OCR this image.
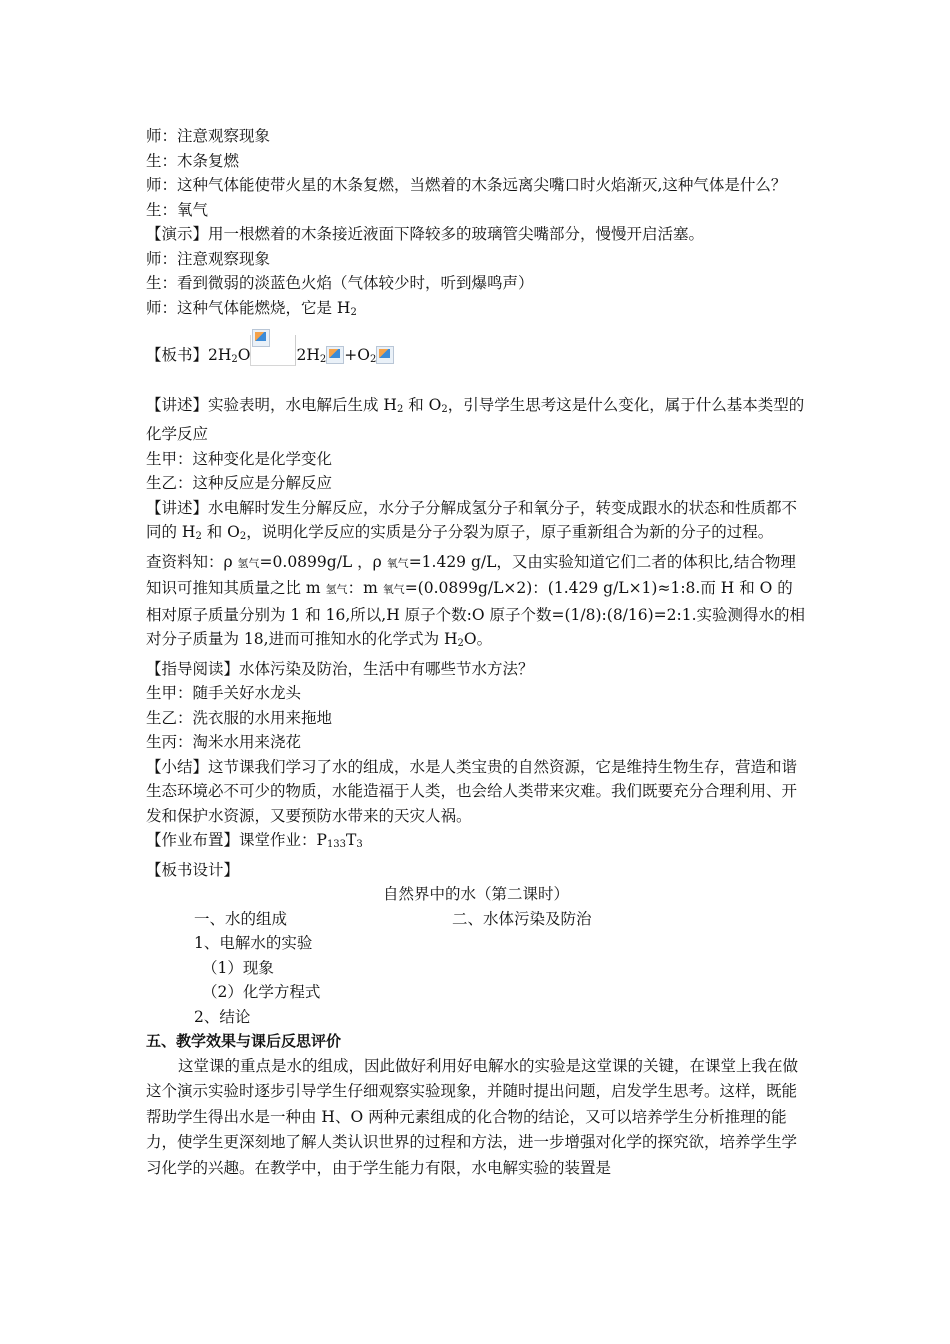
师：注意观察现象
生：木条复燃
师：这种气体能使带火星的木条复燃，当燃着的木条远离尖嘴口时火焰渐灭,这种气体是什么？
生：氧气
【演示】用一根燃着的木条接近液面下降较多的玻璃管尖嘴部分，慢慢开启活塞。
师：注意观察现象
生：看到微弱的淡蓝色火焰（气体较少时，听到爆鸣声）
师：这种气体能燃烧，它是 $H_2$
【板书】$2H_2O$	$2H_2 +O_2$
【讲述】实验表明，水电解后生成 $H_2$ 和 $O_2$，引导学生思考这是什么变化，属于什么基本类型的化学反应
生甲：这种变化是化学变化
生乙：这种反应是分解反应
【讲述】水电解时发生分解反应，水分子分解成氢分子和氧分子，转变成跟水的状态和性质都不同的 $H_2$ 和 $O_2$，说明化学反应的实质是分子分裂为原子，原子重新组合为新的分子的过程。
查资料知：ρ 氢气=0.0899g/L ，ρ 氧气=1.429 g/L，又由实验知道它们二者的体积比,结合物理知识可推知其质量之比 m 氢气：m 氧气=(0.0899g/L×2)：(1.429 g/L×1)≈1:8.而 H 和 O 的相对原子质量分别为 1 和 16,所以,H 原子个数:O 原子个数=(1/8):(8/16)=2:1.实验测得水的相对分子质量为 18,进而可推知水的化学式为 $H_2O$。
【指导阅读】水体污染及防治，生活中有哪些节水方法？
生甲：随手关好水龙头
生乙：洗衣服的水用来拖地
生丙：淘米水用来浇花
【小结】这节课我们学习了水的组成，水是人类宝贵的自然资源，它是维持生物生存，营造和谐生态环境必不可少的物质，水能造福于人类，也会给人类带来灾难。我们既要充分合理利用、开发和保护水资源，又要预防水带来的天灾人祸。
【作业布置】课堂作业：$P_{133}T_3$
【板书设计】
自然界中的水（第二课时）
一、水的组成	二、水体污染及防治
1、电解水的实验
（1）现象
（2）化学方程式
2、结论
五、教学效果与课后反思评价
这堂课的重点是水的组成，因此做好利用好电解水的实验是这堂课的关键，在课堂上我在做这个演示实验时逐步引导学生仔细观察实验现象，并随时提出问题，启发学生思考。这样，既能帮助学生得出水是一种由 H、O 两种元素组成的化合物的结论，又可以培养学生分析推理的能力，使学生更深刻地了解人类认识世界的过程和方法，进一步增强对化学的探究欲，培养学生学习化学的兴趣。在教学中，由于学生能力有限，水电解实验的装置是
